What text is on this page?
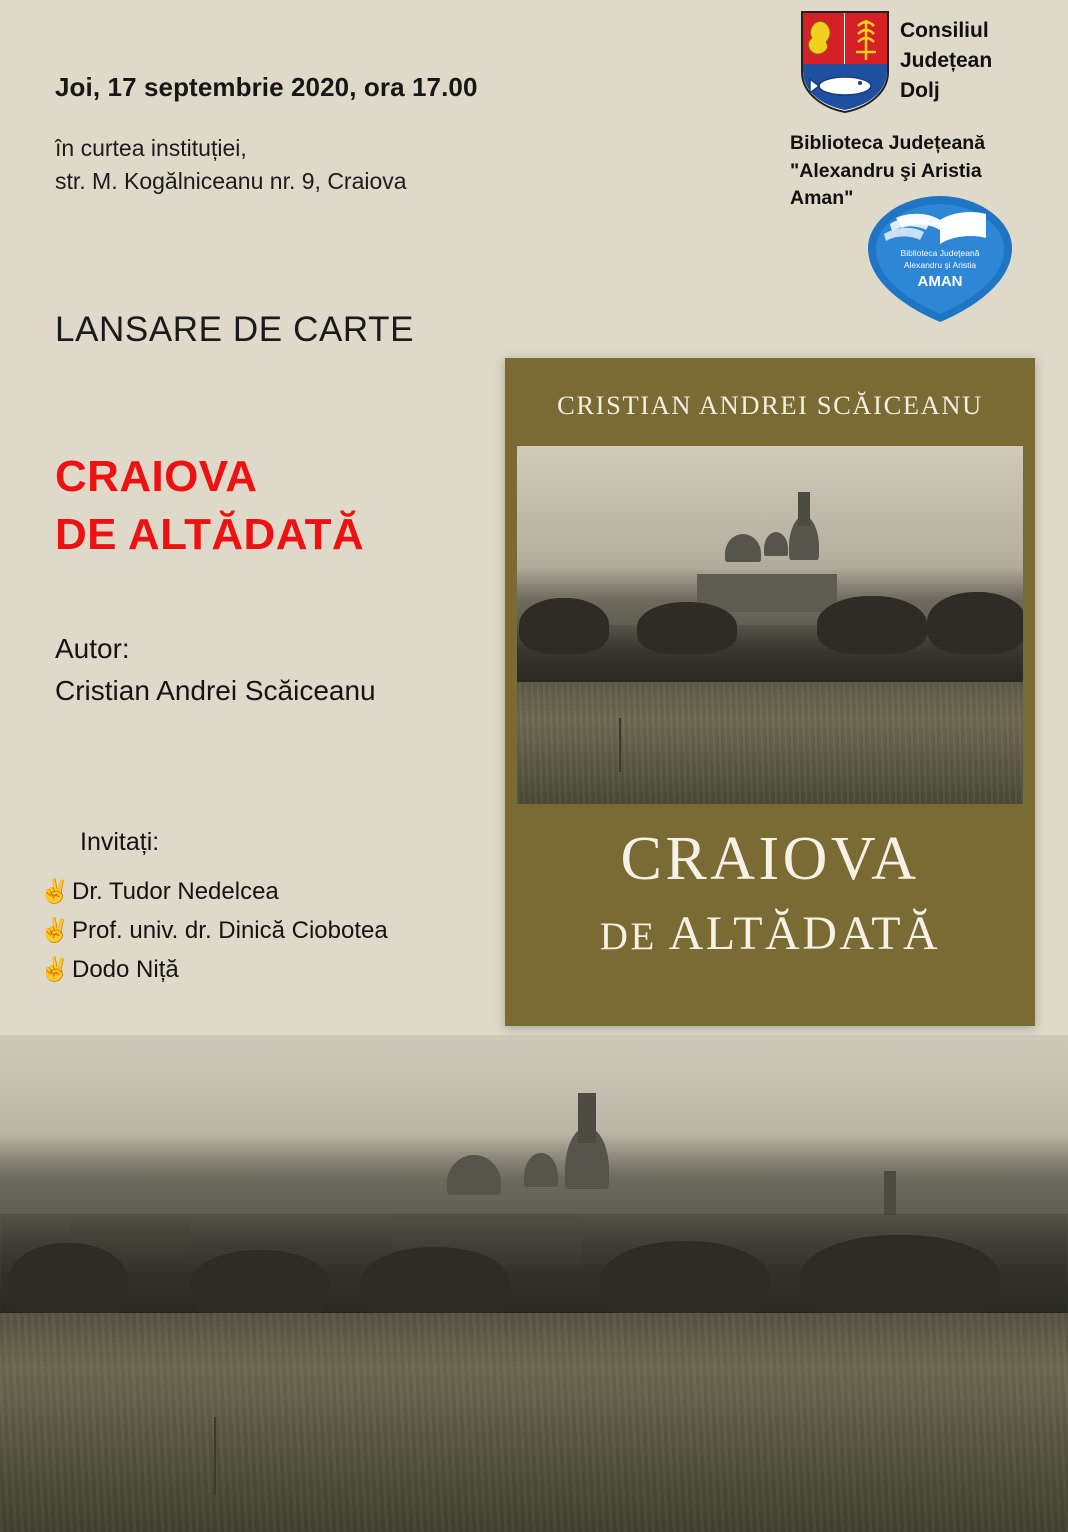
Joi, 17 septembrie 2020, ora 17.00
în curtea instituției,
str. M. Kogălniceanu nr. 9, Craiova
Consiliul
Județean
Dolj
Biblioteca Județeană
"Alexandru şi Aristia
Aman"
Biblioteca Judeţeană
Alexandru şi Aristia
AMAN
LANSARE DE CARTE
CRAIOVA
DE ALTĂDATĂ
Autor:
Cristian Andrei Scăiceanu
Invitați:
✌ Dr. Tudor Nedelcea
✌ Prof. univ. dr. Dinică Ciobotea
✌ Dodo Niță
CRISTIAN ANDREI SCĂICEANU
CRAIOVA
DE ALTĂDATĂ
